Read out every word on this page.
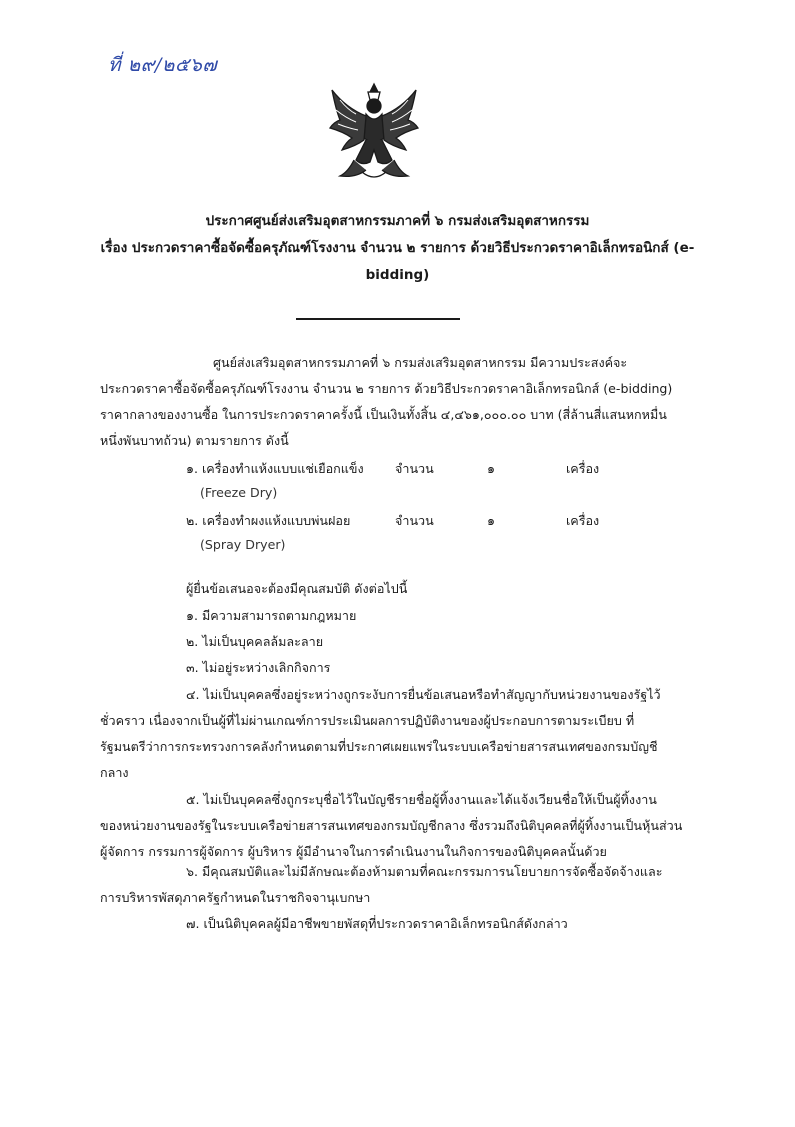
ที่ ๒๙/๒๕๖๗
ประกาศศูนย์ส่งเสริมอุตสาหกรรมภาคที่ ๖ กรมส่งเสริมอุตสาหกรรม
เรื่อง ประกวดราคาซื้อจัดซื้อครุภัณฑ์โรงงาน จำนวน ๒ รายการ ด้วยวิธีประกวดราคาอิเล็กทรอนิกส์ (e-
bidding)
ศูนย์ส่งเสริมอุตสาหกรรมภาคที่ ๖ กรมส่งเสริมอุตสาหกรรม มีความประสงค์จะ
ประกวดราคาซื้อจัดซื้อครุภัณฑ์โรงงาน จำนวน ๒ รายการ ด้วยวิธีประกวดราคาอิเล็กทรอนิกส์ (e-bidding)
ราคากลางของงานซื้อ ในการประกวดราคาครั้งนี้ เป็นเงินทั้งสิ้น ๔,๔๖๑,๐๐๐.๐๐ บาท (สี่ล้านสี่แสนหกหมื่น
หนึ่งพันบาทถ้วน) ตามรายการ ดังนี้
๑. เครื่องทำแห้งแบบแช่เยือกแข็ง จำนวน	๑	เครื่อง
(Freeze Dry)
๒. เครื่องทำผงแห้งแบบพ่นฝอย	จำนวน	๑	เครื่อง
(Spray Dryer)
ผู้ยื่นข้อเสนอจะต้องมีคุณสมบัติ ดังต่อไปนี้
๑. มีความสามารถตามกฎหมาย
๒. ไม่เป็นบุคคลล้มละลาย
๓. ไม่อยู่ระหว่างเลิกกิจการ
๔. ไม่เป็นบุคคลซึ่งอยู่ระหว่างถูกระงับการยื่นข้อเสนอหรือทำสัญญากับหน่วยงานของรัฐไว้
ชั่วคราว เนื่องจากเป็นผู้ที่ไม่ผ่านเกณฑ์การประเมินผลการปฏิบัติงานของผู้ประกอบการตามระเบียบ ที่
รัฐมนตรีว่าการกระทรวงการคลังกำหนดตามที่ประกาศเผยแพร่ในระบบเครือข่ายสารสนเทศของกรมบัญชี
กลาง
๕. ไม่เป็นบุคคลซึ่งถูกระบุชื่อไว้ในบัญชีรายชื่อผู้ทิ้งงานและได้แจ้งเวียนชื่อให้เป็นผู้ทิ้งงาน
ของหน่วยงานของรัฐในระบบเครือข่ายสารสนเทศของกรมบัญชีกลาง ซึ่งรวมถึงนิติบุคคลที่ผู้ทิ้งงานเป็นหุ้นส่วน
ผู้จัดการ กรรมการผู้จัดการ ผู้บริหาร ผู้มีอำนาจในการดำเนินงานในกิจการของนิติบุคคลนั้นด้วย
๖. มีคุณสมบัติและไม่มีลักษณะต้องห้ามตามที่คณะกรรมการนโยบายการจัดซื้อจัดจ้างและ
การบริหารพัสดุภาครัฐกำหนดในราชกิจจานุเบกษา
๗. เป็นนิติบุคคลผู้มีอาชีพขายพัสดุที่ประกวดราคาอิเล็กทรอนิกส์ดังกล่าว
